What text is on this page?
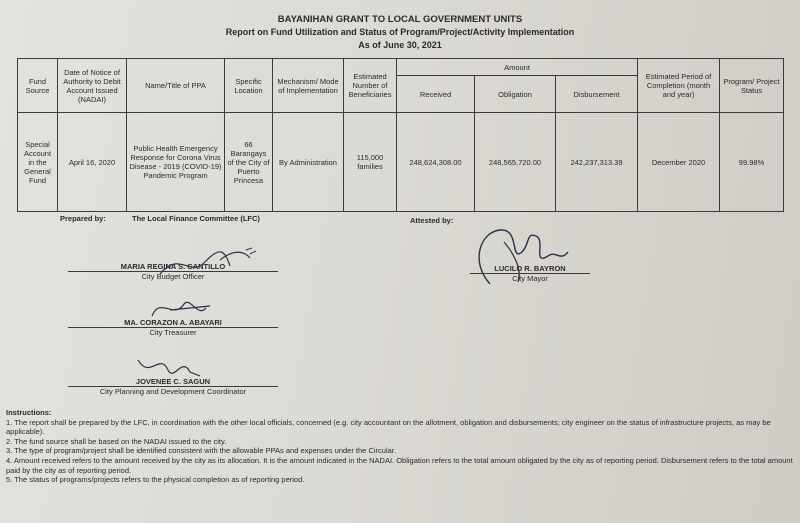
BAYANIHAN GRANT TO LOCAL GOVERNMENT UNITS
Report on Fund Utilization and Status of Program/Project/Activity Implementation
As of June 30, 2021
Fund Source	Date of Notice of Authority to Debit Account Issued (NADAI)	Name/Title of PPA	Specific Location	Mechanism/ Mode of Implementation	Estimated Number of Beneficiaries	Amount			Estimated Period of Completion (month and year)	Program/ Project Status
						Received	Obligation	Disbursement		
Special Account in the General Fund	April 16, 2020	Public Health Emergency Response for Corona Virus Disease - 2019 (COVID-19) Pandemic Program	66 Barangays of the City of Puerto Princesa	By Administration	115,000 families	248,624,308.00	248,565,720.00	242,237,313.39	December 2020	99.98%
Prepared by:	The Local Finance Committee (LFC)	Attested by:
MARIA REGINA S. CANTILLO
City Budget Officer
MA. CORAZON A. ABAYARI
City Treasurer
JOVENEE C. SAGUN
City Planning and Development Coordinator
LUCILO R. BAYRON
City Mayor

Instructions:

1. The report shall be prepared by the LFC, in coordination with the other local officials, concerned (e.g. city accountant on the allotment, obligation and disbursements; city engineer on the status of infrastructure projects, as may be applicable).

2. The fund source shall be based on the NADAI issued to the city.

3. The type of program/project shall be identified consistent with the allowable PPAs and expenses under the Circular.

4. Amount received refers to the amount received by the city as its allocation. It is the amount indicated in the NADAI. Obligation refers to the total amount obligated by the city as of reporting period. Disbursement refers to the total amount paid by the city as of reporting period.

5. The status of programs/projects refers to the physical completion as of reporting period.
